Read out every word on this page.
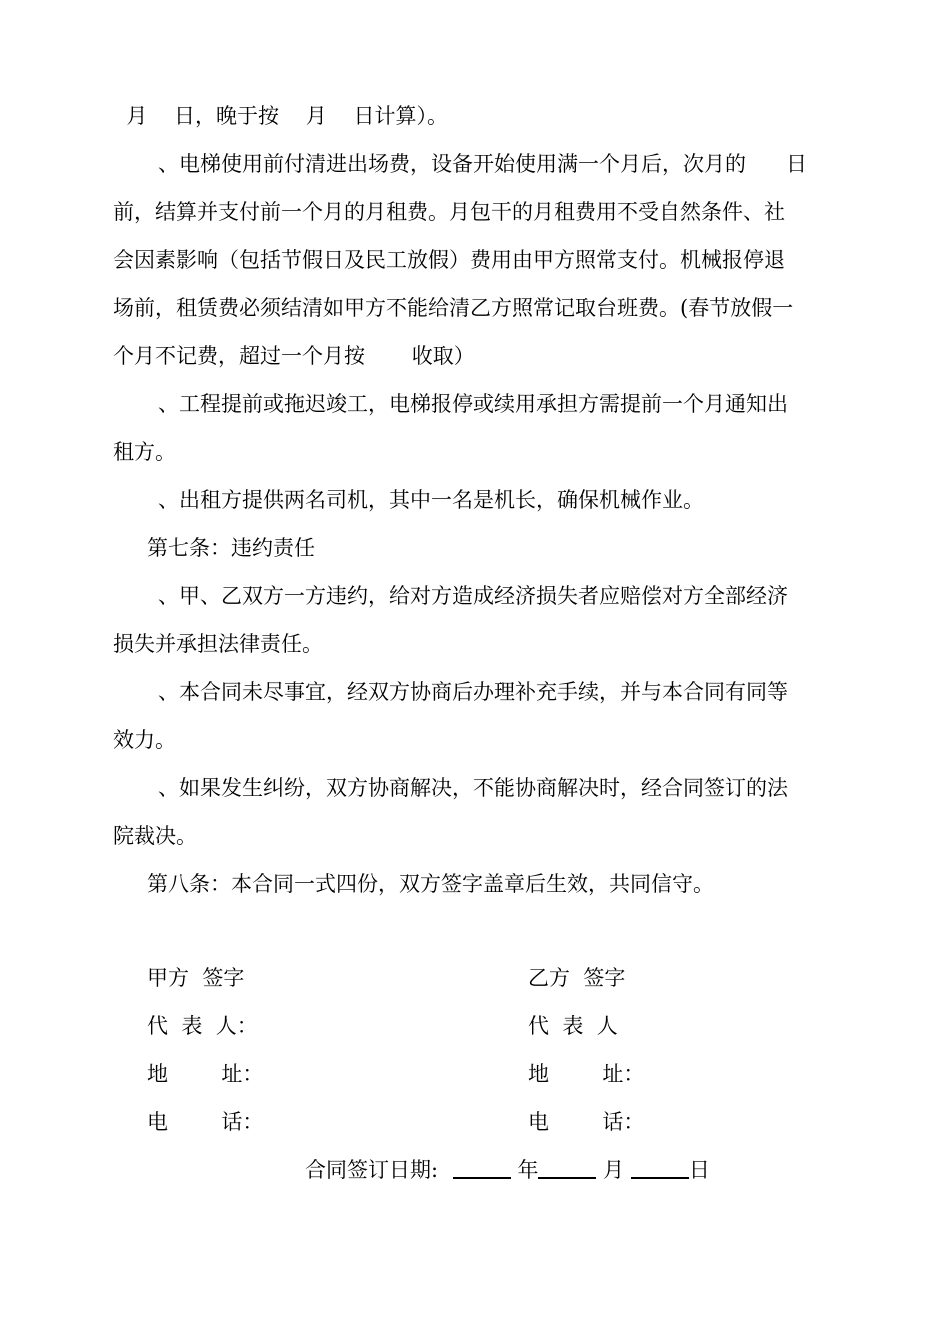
月    日，晚于按    月    日计算）。
、电梯使用前付清进出场费，设备开始使用满一个月后，次月的      日
前，结算并支付前一个月的月租费。月包干的月租费用不受自然条件、社
会因素影响（包括节假日及民工放假）费用由甲方照常支付。机械报停退
场前，租赁费必须结清如甲方不能给清乙方照常记取台班费。(春节放假一
个月不记费，超过一个月按       收取）
、工程提前或拖迟竣工，电梯报停或续用承担方需提前一个月通知出
租方。
、出租方提供两名司机，其中一名是机长，确保机械作业。
第七条：违约责任
、甲、乙双方一方违约，给对方造成经济损失者应赔偿对方全部经济
损失并承担法律责任。
、本合同未尽事宜，经双方协商后办理补充手续，并与本合同有同等
效力。
、如果发生纠纷，双方协商解决，不能协商解决时，经合同签订的法
院裁决。
第八条：本合同一式四份，双方签字盖章后生效，共同信守。
甲方  签字
代  表  人：
地        址：
电        话：
乙方  签字
代  表  人
地        址：
电        话：
合同签订日期:	年	月	日
